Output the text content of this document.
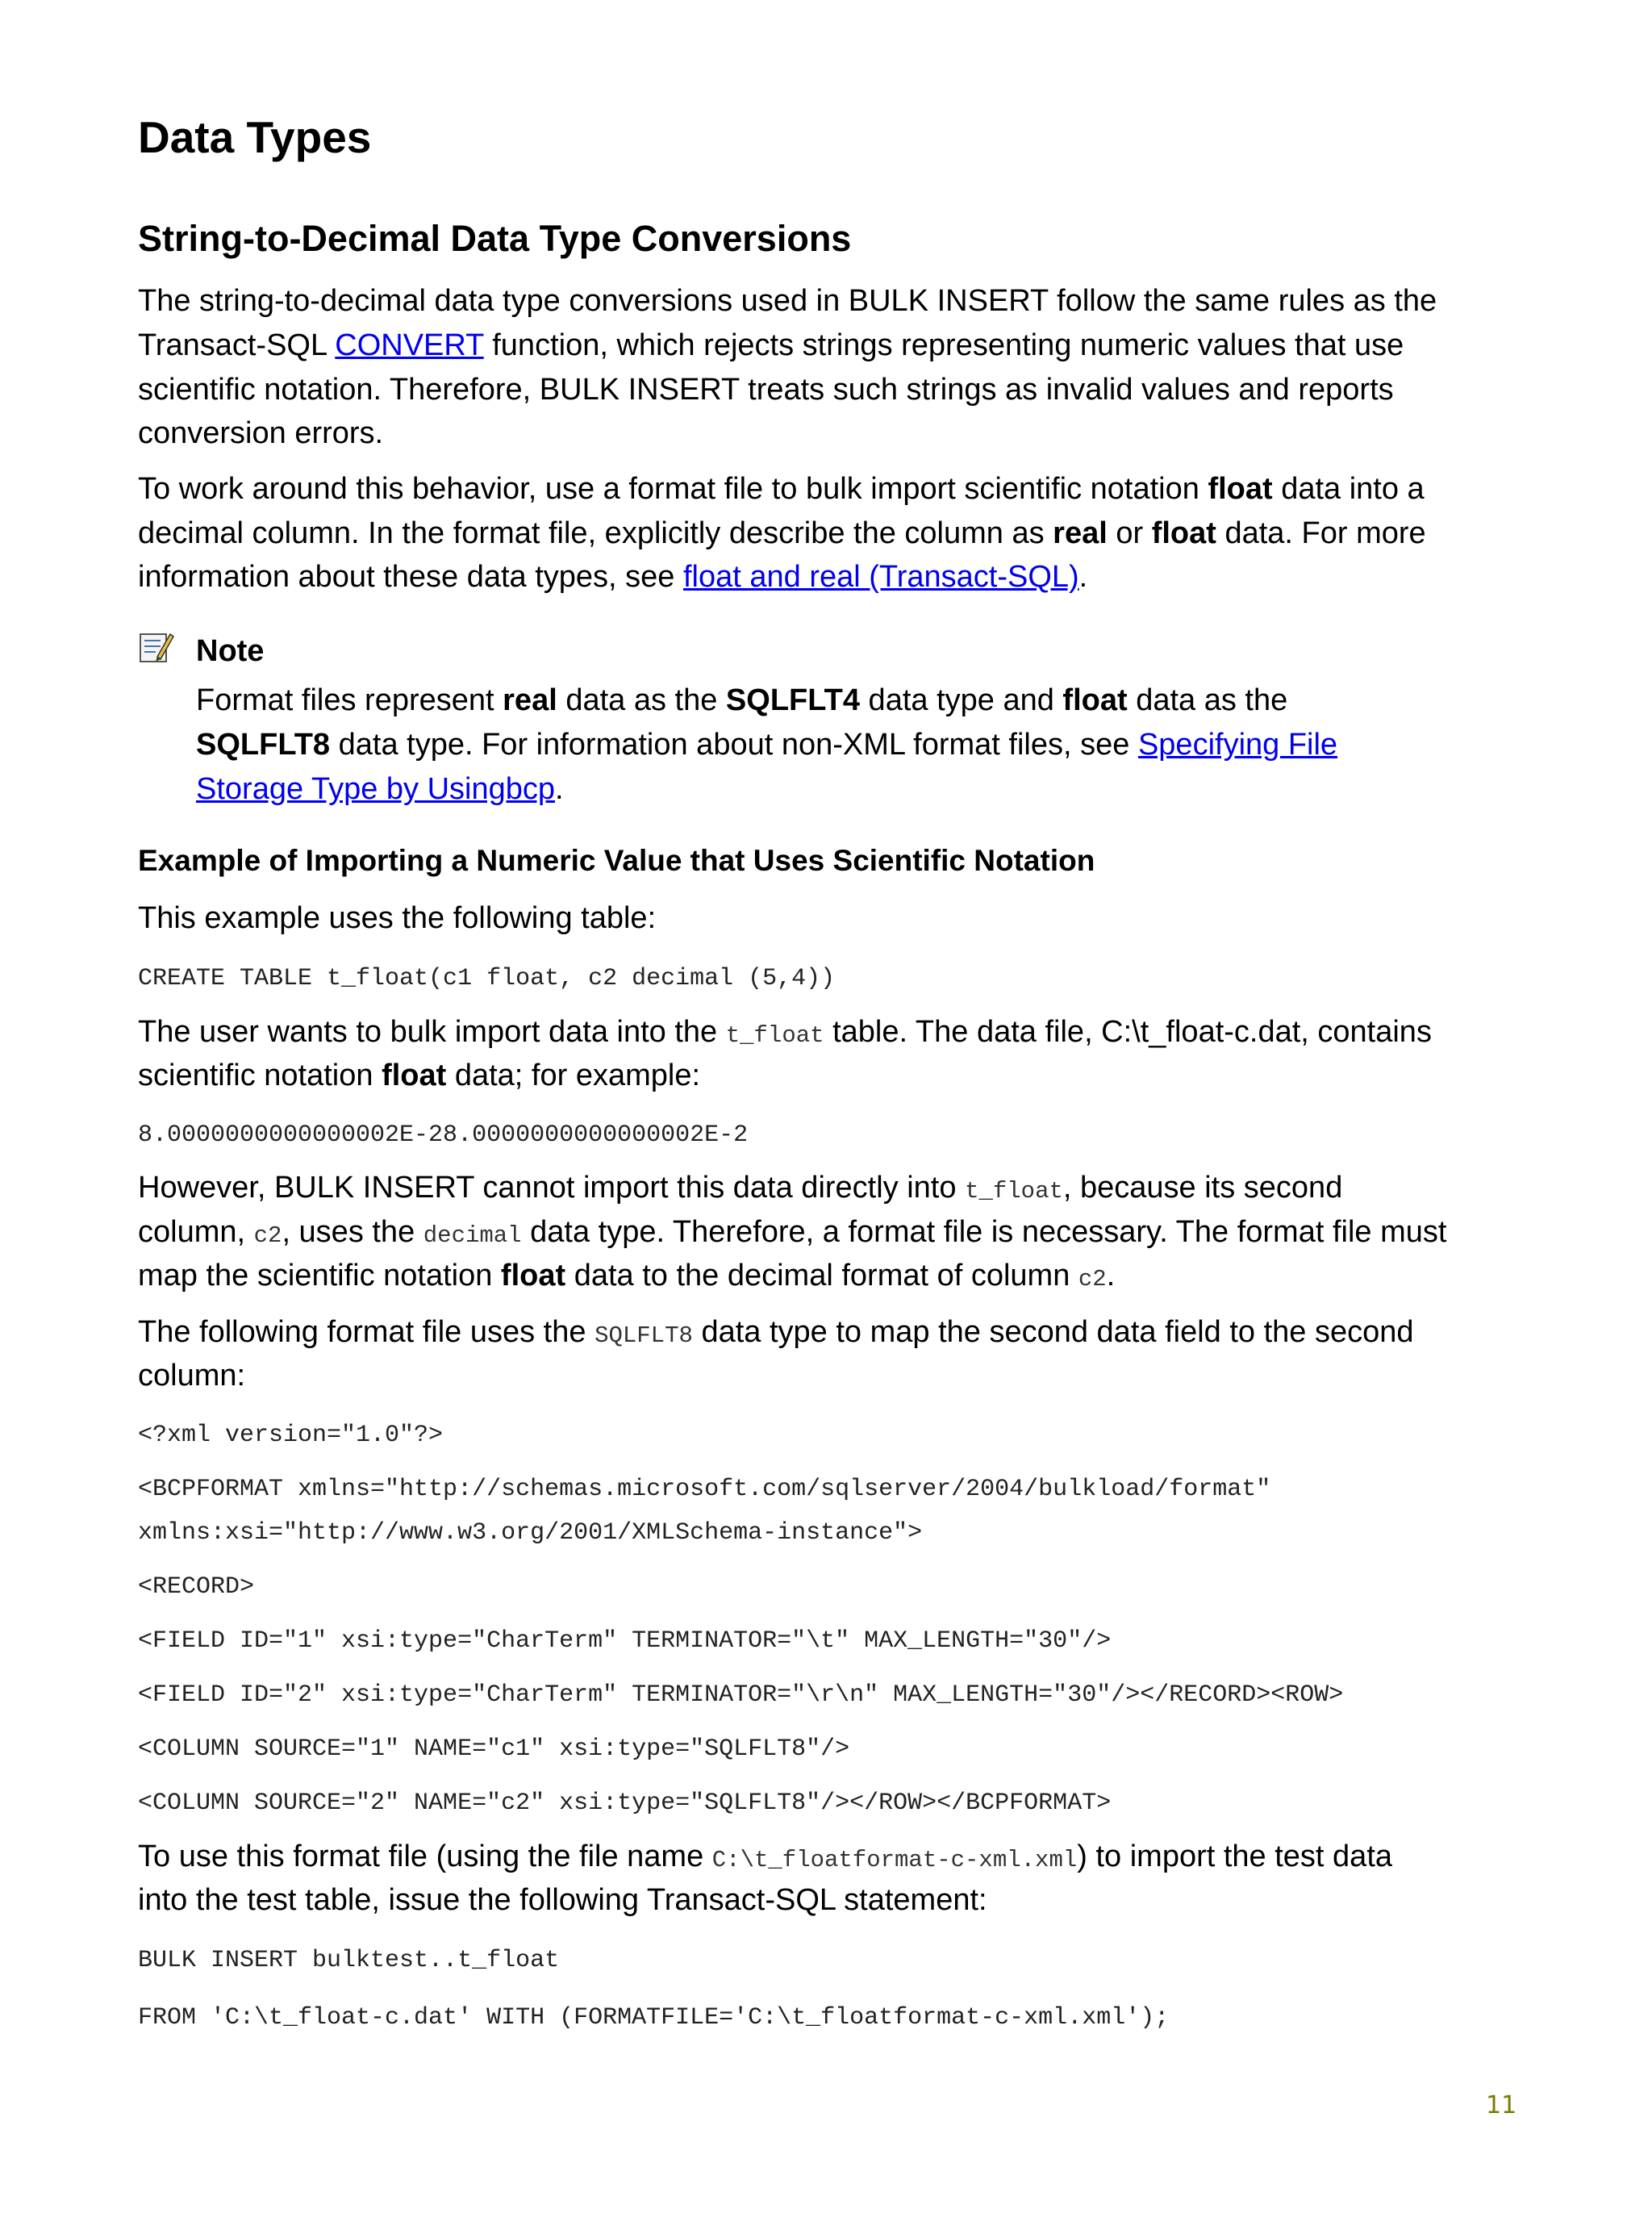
Data Types
String-to-Decimal Data Type Conversions
The string-to-decimal data type conversions used in BULK INSERT follow the same rules as the
Transact-SQL CONVERT function, which rejects strings representing numeric values that use
scientific notation. Therefore, BULK INSERT treats such strings as invalid values and reports
conversion errors.
To work around this behavior, use a format file to bulk import scientific notation float data into a
decimal column. In the format file, explicitly describe the column as real or float data. For more
information about these data types, see float and real (Transact-SQL).
Note
Format files represent real data as the SQLFLT4 data type and float data as the
SQLFLT8 data type. For information about non-XML format files, see Specifying File
Storage Type by Usingbcp.
Example of Importing a Numeric Value that Uses Scientific Notation
This example uses the following table:
CREATE TABLE t_float(c1 float, c2 decimal (5,4))
The user wants to bulk import data into the t_float table. The data file, C:\t_float-c.dat, contains
scientific notation float data; for example:
8.0000000000000002E-28.0000000000000002E-2
However, BULK INSERT cannot import this data directly into t_float, because its second
column, c2, uses the decimal data type. Therefore, a format file is necessary. The format file must
map the scientific notation float data to the decimal format of column c2.
The following format file uses the SQLFLT8 data type to map the second data field to the second
column:
<?xml version="1.0"?>
<BCPFORMAT xmlns="http://schemas.microsoft.com/sqlserver/2004/bulkload/format"
xmlns:xsi="http://www.w3.org/2001/XMLSchema-instance">
<RECORD>
<FIELD ID="1" xsi:type="CharTerm" TERMINATOR="\t" MAX_LENGTH="30"/>
<FIELD ID="2" xsi:type="CharTerm" TERMINATOR="\r\n" MAX_LENGTH="30"/></RECORD><ROW>
<COLUMN SOURCE="1" NAME="c1" xsi:type="SQLFLT8"/>
<COLUMN SOURCE="2" NAME="c2" xsi:type="SQLFLT8"/></ROW></BCPFORMAT>
To use this format file (using the file name C:\t_floatformat-c-xml.xml) to import the test data
into the test table, issue the following Transact-SQL statement:
BULK INSERT bulktest..t_float
FROM 'C:\t_float-c.dat' WITH (FORMATFILE='C:\t_floatformat-c-xml.xml');
11
